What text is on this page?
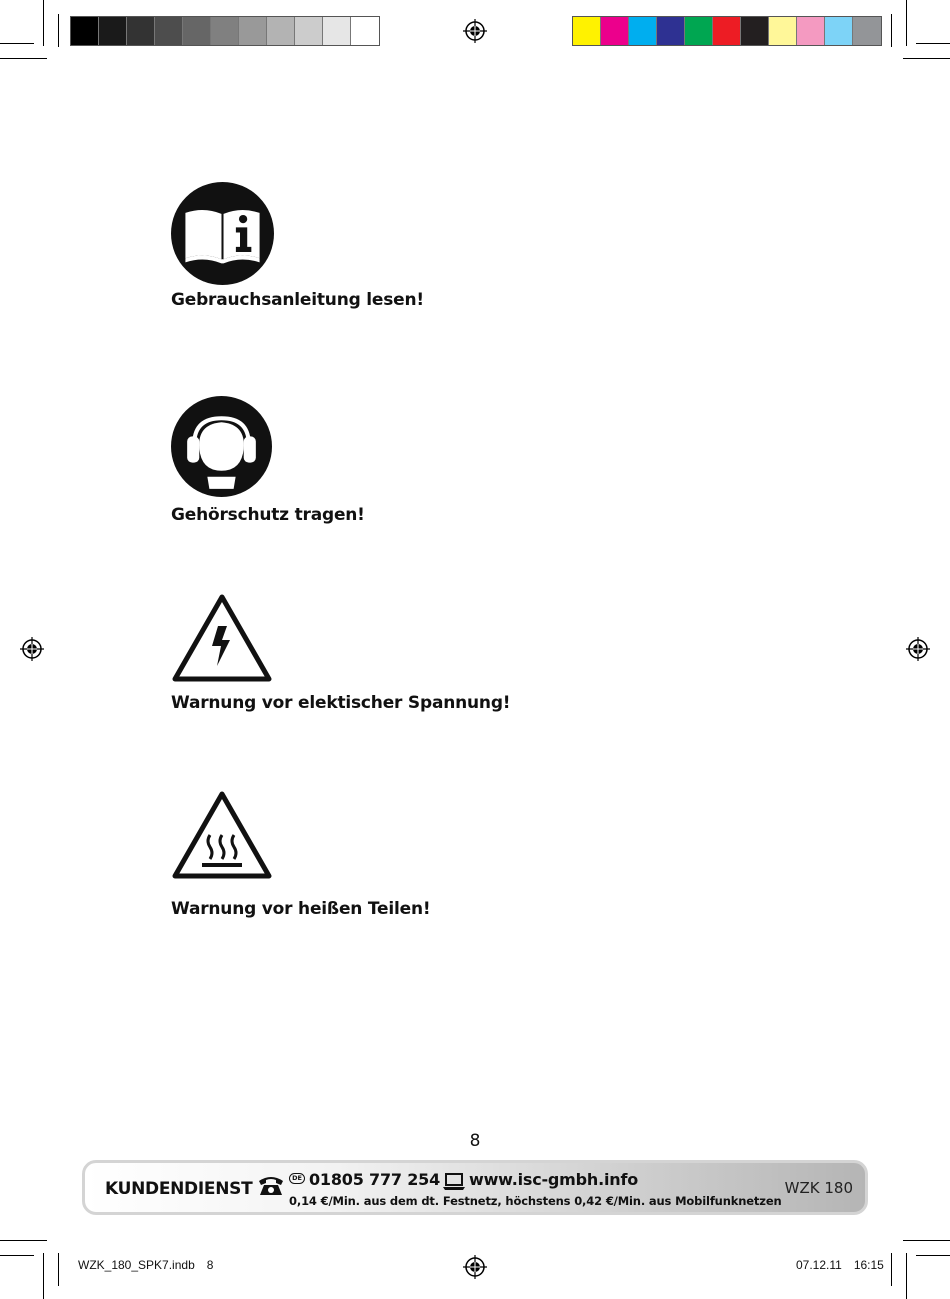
Gebrauchsanleitung lesen!
Gehörschutz tragen!
Warnung vor elektischer Spannung!
Warnung vor heißen Teilen!
8
KUNDENDIENST
DE 01805 777 254 www.isc-gmbh.info
0,14 €/Min. aus dem dt. Festnetz, höchstens 0,42 €/Min. aus Mobilfunknetzen
WZK 180
WZK_180_SPK7.indb 8	07.12.11 16:15
